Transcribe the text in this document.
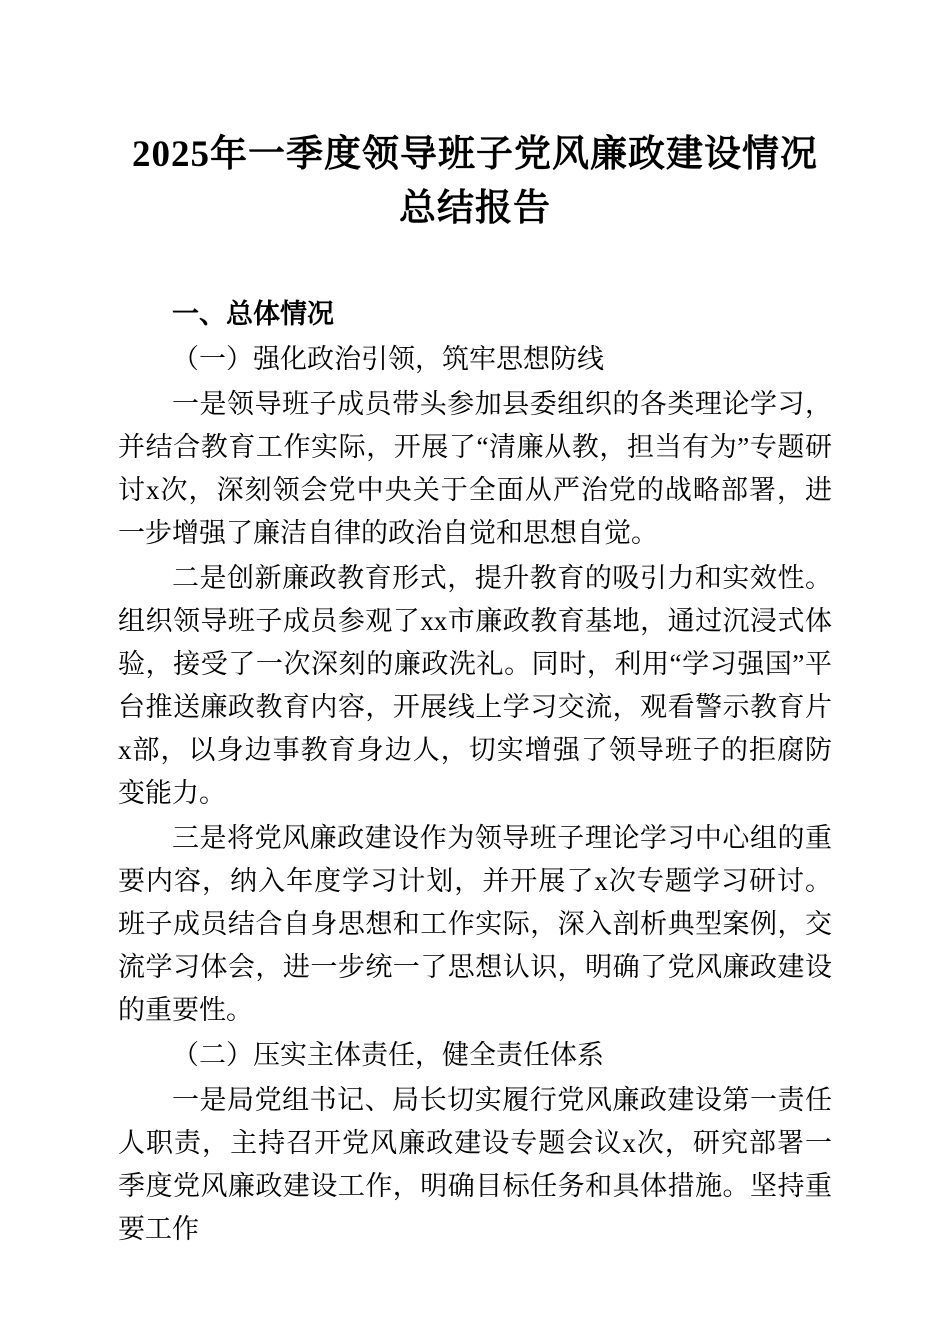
2025年一季度领导班子党风廉政建设情况总结报告
一、总体情况

（一）强化政治引领，筑牢思想防线

一是领导班子成员带头参加县委组织的各类理论学习，并结合教育工作实际，开展了“清廉从教，担当有为”专题研讨x次，深刻领会党中央关于全面从严治党的战略部署，进一步增强了廉洁自律的政治自觉和思想自觉。

二是创新廉政教育形式，提升教育的吸引力和实效性。组织领导班子成员参观了xx市廉政教育基地，通过沉浸式体验，接受了一次深刻的廉政洗礼。同时，利用“学习强国”平台推送廉政教育内容，开展线上学习交流，观看警示教育片x部，以身边事教育身边人，切实增强了领导班子的拒腐防变能力。

三是将党风廉政建设作为领导班子理论学习中心组的重要内容，纳入年度学习计划，并开展了x次专题学习研讨。班子成员结合自身思想和工作实际，深入剖析典型案例，交流学习体会，进一步统一了思想认识，明确了党风廉政建设的重要性。

（二）压实主体责任，健全责任体系

一是局党组书记、局长切实履行党风廉政建设第一责任人职责，主持召开党风廉政建设专题会议x次，研究部署一季度党风廉政建设工作，明确目标任务和具体措施。坚持重要工作
